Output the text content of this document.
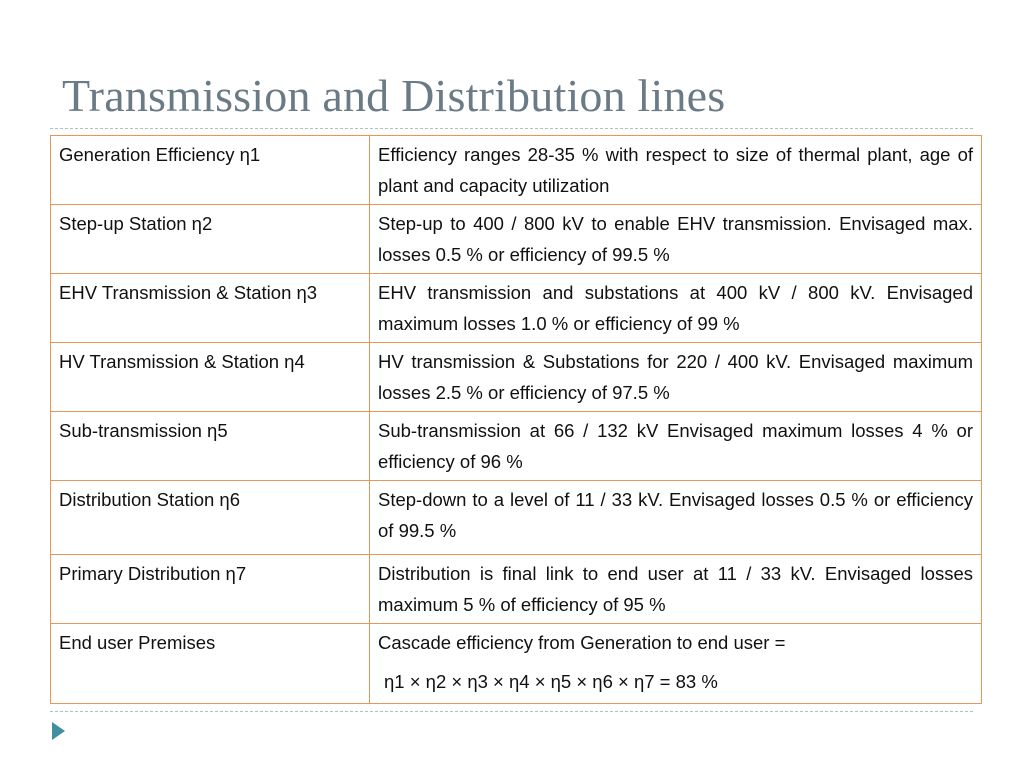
Transmission and Distribution lines
Generation Efficiency η1	Efficiency ranges 28-35 % with respect to size of thermal plant, age of plant and capacity utilization
Step-up Station η2	Step-up to 400 / 800 kV to enable EHV transmission. Envisaged max. losses 0.5 % or efficiency of 99.5 %
EHV Transmission & Station η3	EHV transmission and substations at 400 kV / 800 kV. Envisaged maximum losses 1.0 % or efficiency of 99 %
HV Transmission & Station η4	HV transmission & Substations for 220 / 400 kV. Envisaged maximum losses 2.5 % or efficiency of 97.5 %
Sub-transmission η5	Sub-transmission at 66 / 132 kV Envisaged maximum losses 4 % or efficiency of 96 %
Distribution Station η6	Step-down to a level of 11 / 33 kV. Envisaged losses 0.5 % or efficiency of 99.5 %
Primary Distribution η7	Distribution is final link to end user at 11 / 33 kV. Envisaged losses maximum 5 % of efficiency of 95 %
End user Premises	Cascade efficiency from Generation to end user =
η1 × η2 × η3 × η4 × η5 × η6 × η7 = 83 %
